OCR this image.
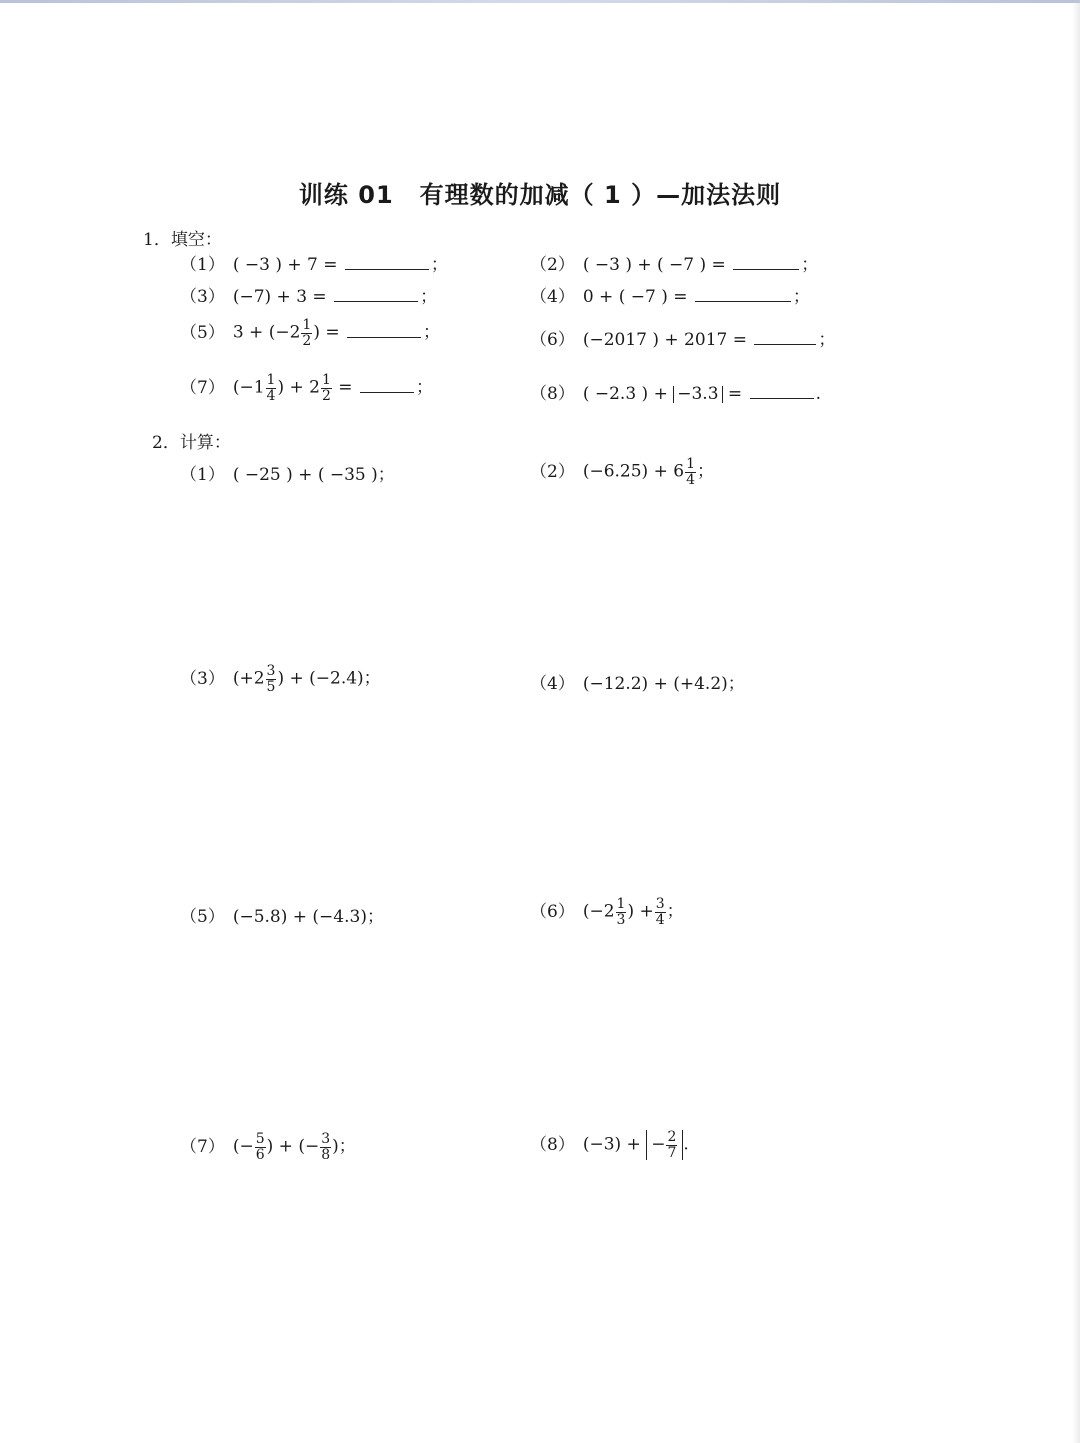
训练 01 有理数的加减（ 1 ）—加法法则
1．填空：
（1） ( −3 ) + 7 =	；	（2） ( −3 ) + ( −7 ) =	；
（3） (−7) + 3 =	；	（4） 0 + ( −7 ) =	；
（5） $3 + (-2 \frac{1}{2}$ ) =	；	（6） (−2017 ) + 2017 =	；
（7） ($-1 \frac{1}{4}$ ) + $2 \frac{1}{2}$ =	；	（8） ( −2.3 ) + −3.3 =	.
2．计算：
（1） ( −25 ) + ( −35 )；	（2） $(-6.25) + 6 \frac{1}{4}$ ；
（3） ($+2 \frac{3}{5}$ ) + (−2.4)；	（4） (−12.2) + (+4.2)；
（5） (−5.8) + (−4.3)；	（6） ($-2 \frac{1}{3}$ ) + $\frac{3}{4}$ ；
（7） (− $\frac{5}{6}$ ) + (− $\frac{3}{8}$ )；	（8） (−3) + − $\frac{2}{7}$ .
